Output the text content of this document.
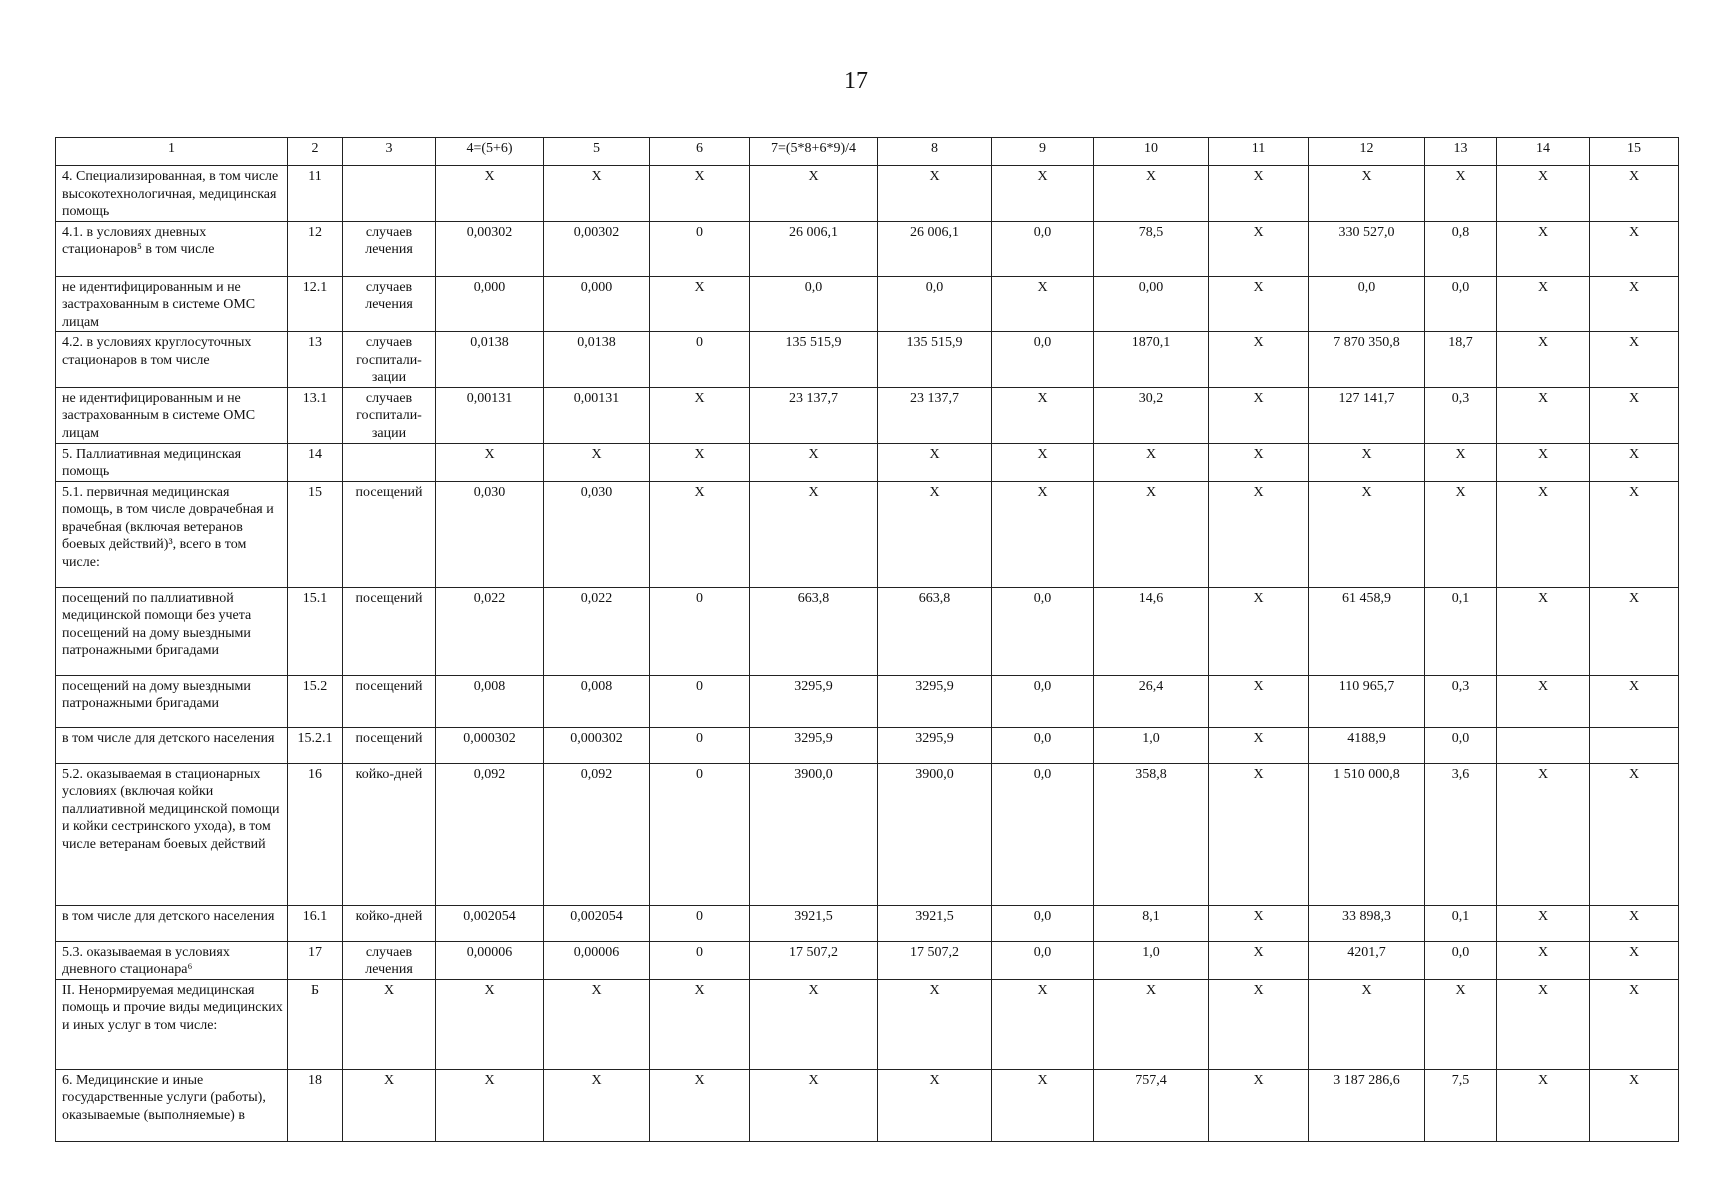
17
1	2	3	4=(5+6)	5	6	7=(5*8+6*9)/4	8	9	10	11	12	13	14	15
4. Специализированная, в том числе высокотехнологичная, медицинская помощь	11		X	X	X	X	X	X	X	X	X	X	X	X
4.1. в условиях дневных стационаров⁵ в том числе	12	случаев лечения	0,00302	0,00302	0	26 006,1	26 006,1	0,0	78,5	X	330 527,0	0,8	X	X
не идентифицированным и не застрахованным в системе ОМС лицам	12.1	случаев лечения	0,000	0,000	X	0,0	0,0	X	0,00	X	0,0	0,0	X	X
4.2. в условиях круглосуточных стационаров в том числе	13	случаев госпитали-зации	0,0138	0,0138	0	135 515,9	135 515,9	0,0	1870,1	X	7 870 350,8	18,7	X	X
не идентифицированным и не застрахованным в системе ОМС лицам	13.1	случаев госпитали-зации	0,00131	0,00131	X	23 137,7	23 137,7	X	30,2	X	127 141,7	0,3	X	X
5. Паллиативная медицинская помощь	14		X	X	X	X	X	X	X	X	X	X	X	X
5.1. первичная медицинская помощь, в том числе доврачебная и врачебная (включая ветеранов боевых действий)³, всего в том числе:	15	посещений	0,030	0,030	X	X	X	X	X	X	X	X	X	X
посещений по паллиативной медицинской помощи без учета посещений на дому выездными патронажными бригадами	15.1	посещений	0,022	0,022	0	663,8	663,8	0,0	14,6	X	61 458,9	0,1	X	X
посещений на дому выездными патронажными бригадами	15.2	посещений	0,008	0,008	0	3295,9	3295,9	0,0	26,4	X	110 965,7	0,3	X	X
в том числе для детского населения	15.2.1	посещений	0,000302	0,000302	0	3295,9	3295,9	0,0	1,0	X	4188,9	0,0		
5.2. оказываемая в стационарных условиях (включая койки паллиативной медицинской помощи и койки сестринского ухода), в том числе ветеранам боевых действий	16	койко-дней	0,092	0,092	0	3900,0	3900,0	0,0	358,8	X	1 510 000,8	3,6	X	X
в том числе для детского населения	16.1	койко-дней	0,002054	0,002054	0	3921,5	3921,5	0,0	8,1	X	33 898,3	0,1	X	X
5.3. оказываемая в условиях дневного стационара⁶	17	случаев лечения	0,00006	0,00006	0	17 507,2	17 507,2	0,0	1,0	X	4201,7	0,0	X	X
II. Ненормируемая медицинская помощь и прочие виды медицинских и иных услуг в том числе:	Б	X	X	X	X	X	X	X	X	X	X	X	X	X
6. Медицинские и иные государственные услуги (работы), оказываемые (выполняемые) в	18	X	X	X	X	X	X	X	757,4	X	3 187 286,6	7,5	X	X
